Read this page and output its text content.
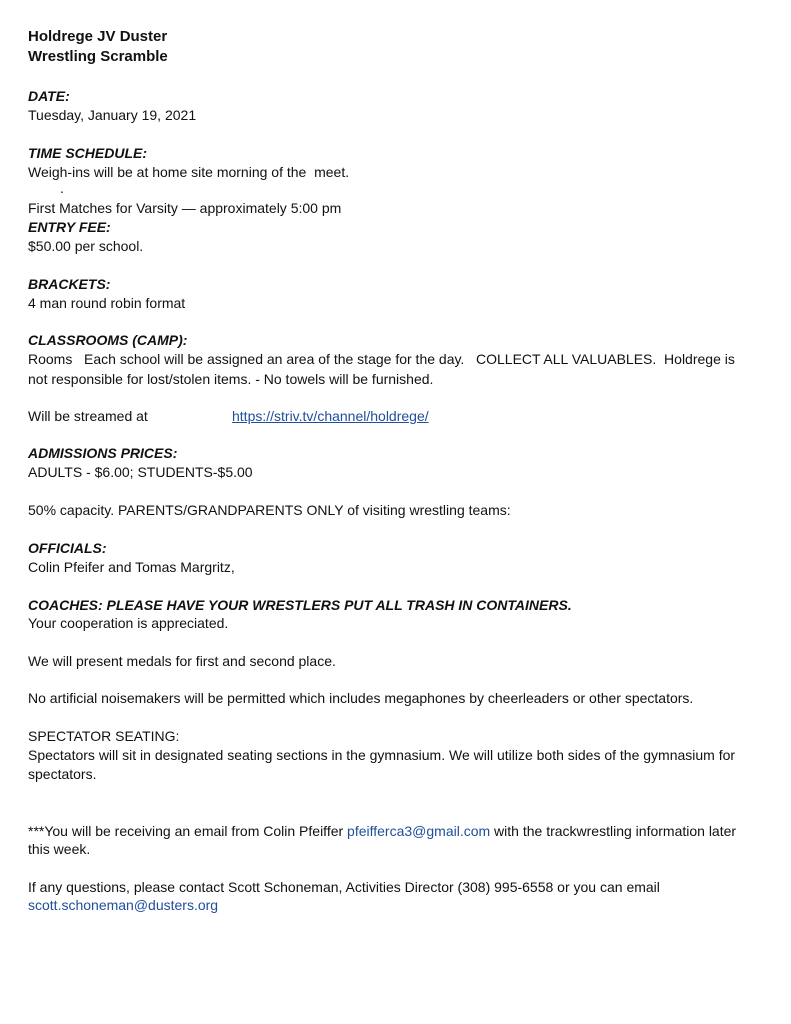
Holdrege JV Duster
Wrestling Scramble
DATE:
Tuesday, January 19, 2021
TIME SCHEDULE:
Weigh-ins will be at home site morning of the  meet.
.
First Matches for Varsity — approximately 5:00 pm
ENTRY FEE:
$50.00 per school.
BRACKETS:
4 man round robin format
CLASSROOMS (CAMP):
Rooms   Each school will be assigned an area of the stage for the day.   COLLECT ALL VALUABLES.  Holdrege is
not responsible for lost/stolen items. - No towels will be furnished.
Will be streamed at	https://striv.tv/channel/holdrege/
ADMISSIONS PRICES:
ADULTS - $6.00; STUDENTS-$5.00
50% capacity. PARENTS/GRANDPARENTS ONLY of visiting wrestling teams:
OFFICIALS:
Colin Pfeifer and Tomas Margritz,
COACHES: PLEASE HAVE YOUR WRESTLERS PUT ALL TRASH IN CONTAINERS.
Your cooperation is appreciated.
We will present medals for first and second place.
No artificial noisemakers will be permitted which includes megaphones by cheerleaders or other spectators.
SPECTATOR SEATING:
Spectators will sit in designated seating sections in the gymnasium. We will utilize both sides of the gymnasium for
spectators.
***You will be receiving an email from Colin Pfeiffer pfeifferca3@gmail.com with the trackwrestling information later
this week.
If any questions, please contact Scott Schoneman, Activities Director (308) 995-6558 or you can email
scott.schoneman@dusters.org
